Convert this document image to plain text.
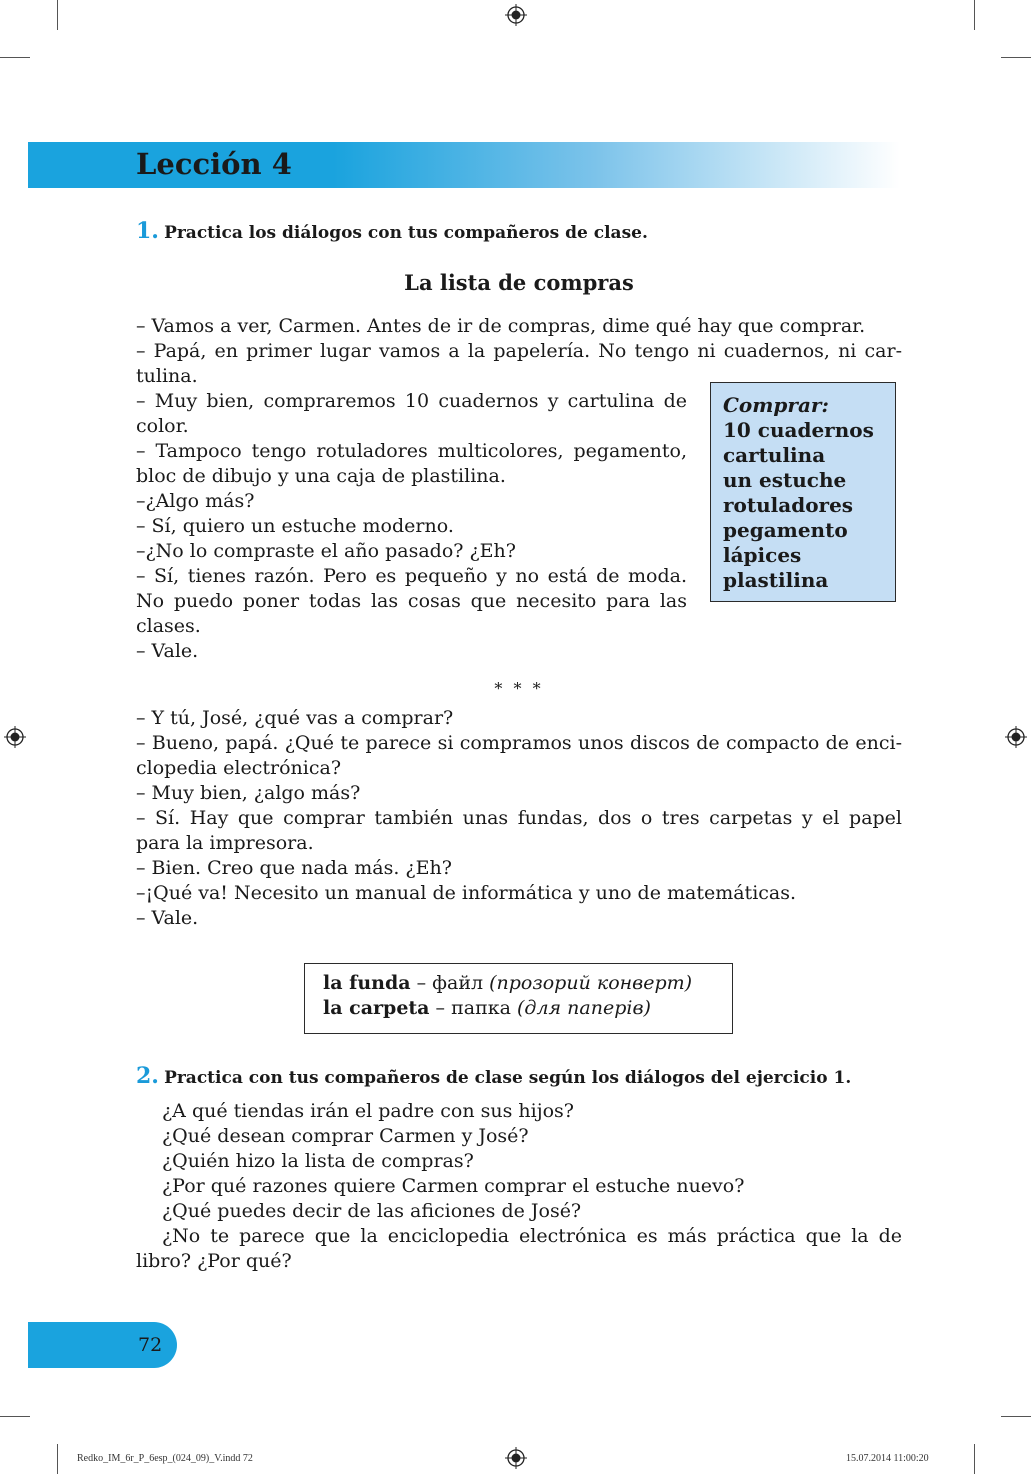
Lección 4
1. Practica los diálogos con tus compañeros de clase.
La lista de compras
– Vamos a ver, Carmen. Antes de ir de compras, dime qué hay que comprar.
– Papá, en primer lugar vamos a la papelería. No tengo ni cuadernos, ni car-
tulina.
– Muy bien, compraremos 10 cuadernos y cartulina de
color.
– Tampoco tengo rotuladores multicolores, pegamento,
bloc de dibujo y una caja de plastilina.
–¿Algo más?
– Sí, quiero un estuche moderno.
–¿No lo compraste el año pasado? ¿Eh?
– Sí, tienes razón. Pero es pequeño y no está de moda.
No puedo poner todas las cosas que necesito para las
clases.
– Vale.
Comprar:
10 cuadernos
cartulina
un estuche
rotuladores
pegamento
lápices
plastilina
* * *
– Y tú, José, ¿qué vas a comprar?
– Bueno, papá. ¿Qué te parece si compramos unos discos de compacto de enci-
clopedia electrónica?
– Muy bien, ¿algo más?
– Sí. Hay que comprar también unas fundas, dos o tres carpetas y el papel
para la impresora.
– Bien. Creo que nada más. ¿Eh?
–¡Qué va! Necesito un manual de informática y uno de matemáticas.
– Vale.
la funda – файл (прозорий конверт)
la carpeta – папка (для паперів)
2. Practica con tus compañeros de clase según los diálogos del ejercicio 1.
¿A qué tiendas irán el padre con sus hijos?
¿Qué desean comprar Carmen y José?
¿Quién hizo la lista de compras?
¿Por qué razones quiere Carmen comprar el estuche nuevo?
¿Qué puedes decir de las aficiones de José?
¿No te parece que la enciclopedia electrónica es más práctica que la de
libro? ¿Por qué?
72
Redko_IM_6r_P_6esp_(024_09)_V.indd 72	15.07.2014 11:00:20
